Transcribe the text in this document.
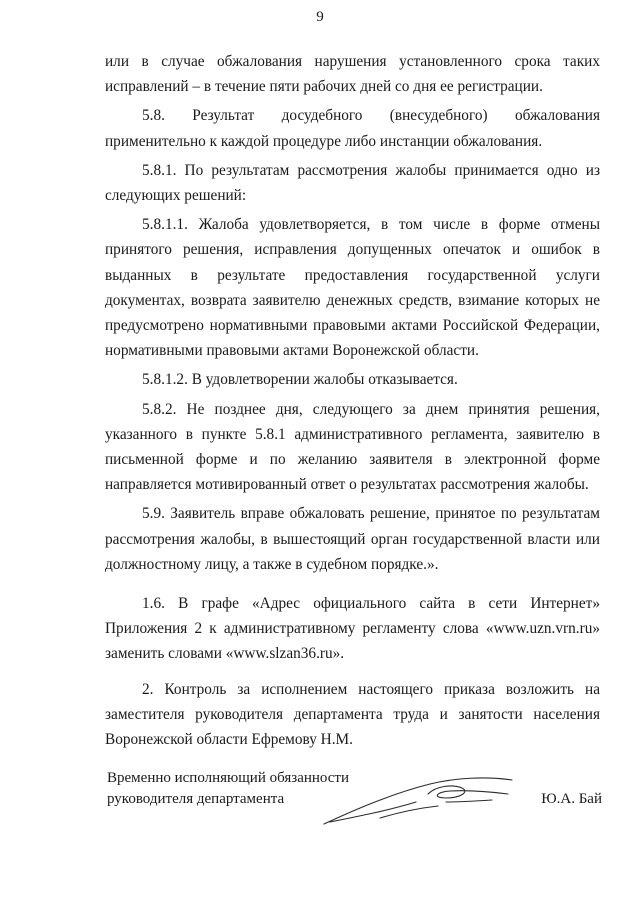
9

или в случае обжалования нарушения установленного срока таких исправлений – в течение пяти рабочих дней со дня ее регистрации.

5.8. Результат досудебного (внесудебного) обжалования применительно к каждой процедуре либо инстанции обжалования.

5.8.1. По результатам рассмотрения жалобы принимается одно из следующих решений:

5.8.1.1. Жалоба удовлетворяется, в том числе в форме отмены принятого решения, исправления допущенных опечаток и ошибок в выданных в результате предоставления государственной услуги документах, возврата заявителю денежных средств, взимание которых не предусмотрено нормативными правовыми актами Российской Федерации, нормативными правовыми актами Воронежской области.

5.8.1.2. В удовлетворении жалобы отказывается.

5.8.2. Не позднее дня, следующего за днем принятия решения, указанного в пункте 5.8.1 административного регламента, заявителю в письменной форме и по желанию заявителя в электронной форме направляется мотивированный ответ о результатах рассмотрения жалобы.

5.9. Заявитель вправе обжаловать решение, принятое по результатам рассмотрения жалобы, в вышестоящий орган государственной власти или должностному лицу, а также в судебном порядке.».

1.6. В графе «Адрес официального сайта в сети Интернет» Приложения 2 к административному регламенту слова «www.uzn.vrn.ru» заменить словами «www.slzan36.ru».

2. Контроль за исполнением настоящего приказа возложить на заместителя руководителя департамента труда и занятости населения Воронежской области Ефремову Н.М.

Временно исполняющий обязанности
руководителя департамента	Ю.А. Бай
